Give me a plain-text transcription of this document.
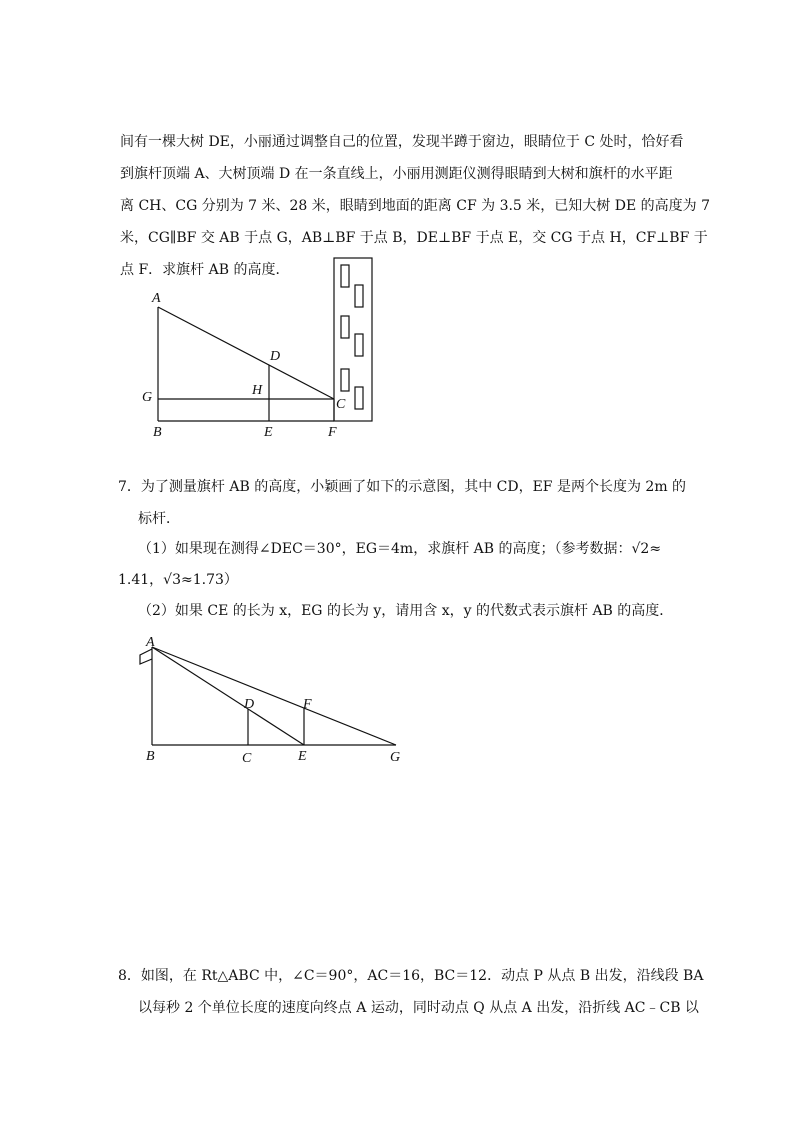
间有一棵大树 DE，小丽通过调整自己的位置，发现半蹲于窗边，眼睛位于 C 处时，恰好看
到旗杆顶端 A、大树顶端 D 在一条直线上，小丽用测距仪测得眼睛到大树和旗杆的水平距
离 CH、CG 分别为 7 米、28 米，眼睛到地面的距离 CF 为 3.5 米，已知大树 DE 的高度为 7
米，CG∥BF 交 AB 于点 G，AB⊥BF 于点 B，DE⊥BF 于点 E，交 CG 于点 H，CF⊥BF 于
点 F．求旗杆 AB 的高度．
A
D
G	H
C
B	E	F
7．为了测量旗杆 AB 的高度，小颖画了如下的示意图，其中 CD，EF 是两个长度为 2m 的
标杆．
（1）如果现在测得∠DEC＝30°，EG＝4m，求旗杆 AB 的高度；（参考数据：√2≈
1.41，√3≈1.73）
（2）如果 CE 的长为 x，EG 的长为 y，请用含 x，y 的代数式表示旗杆 AB 的高度．
A
D	F
B	C	E	G
8．如图，在 Rt△ABC 中，∠C＝90°，AC＝16，BC＝12．动点 P 从点 B 出发，沿线段 BA
以每秒 2 个单位长度的速度向终点 A 运动，同时动点 Q 从点 A 出发，沿折线 AC﹣CB 以
